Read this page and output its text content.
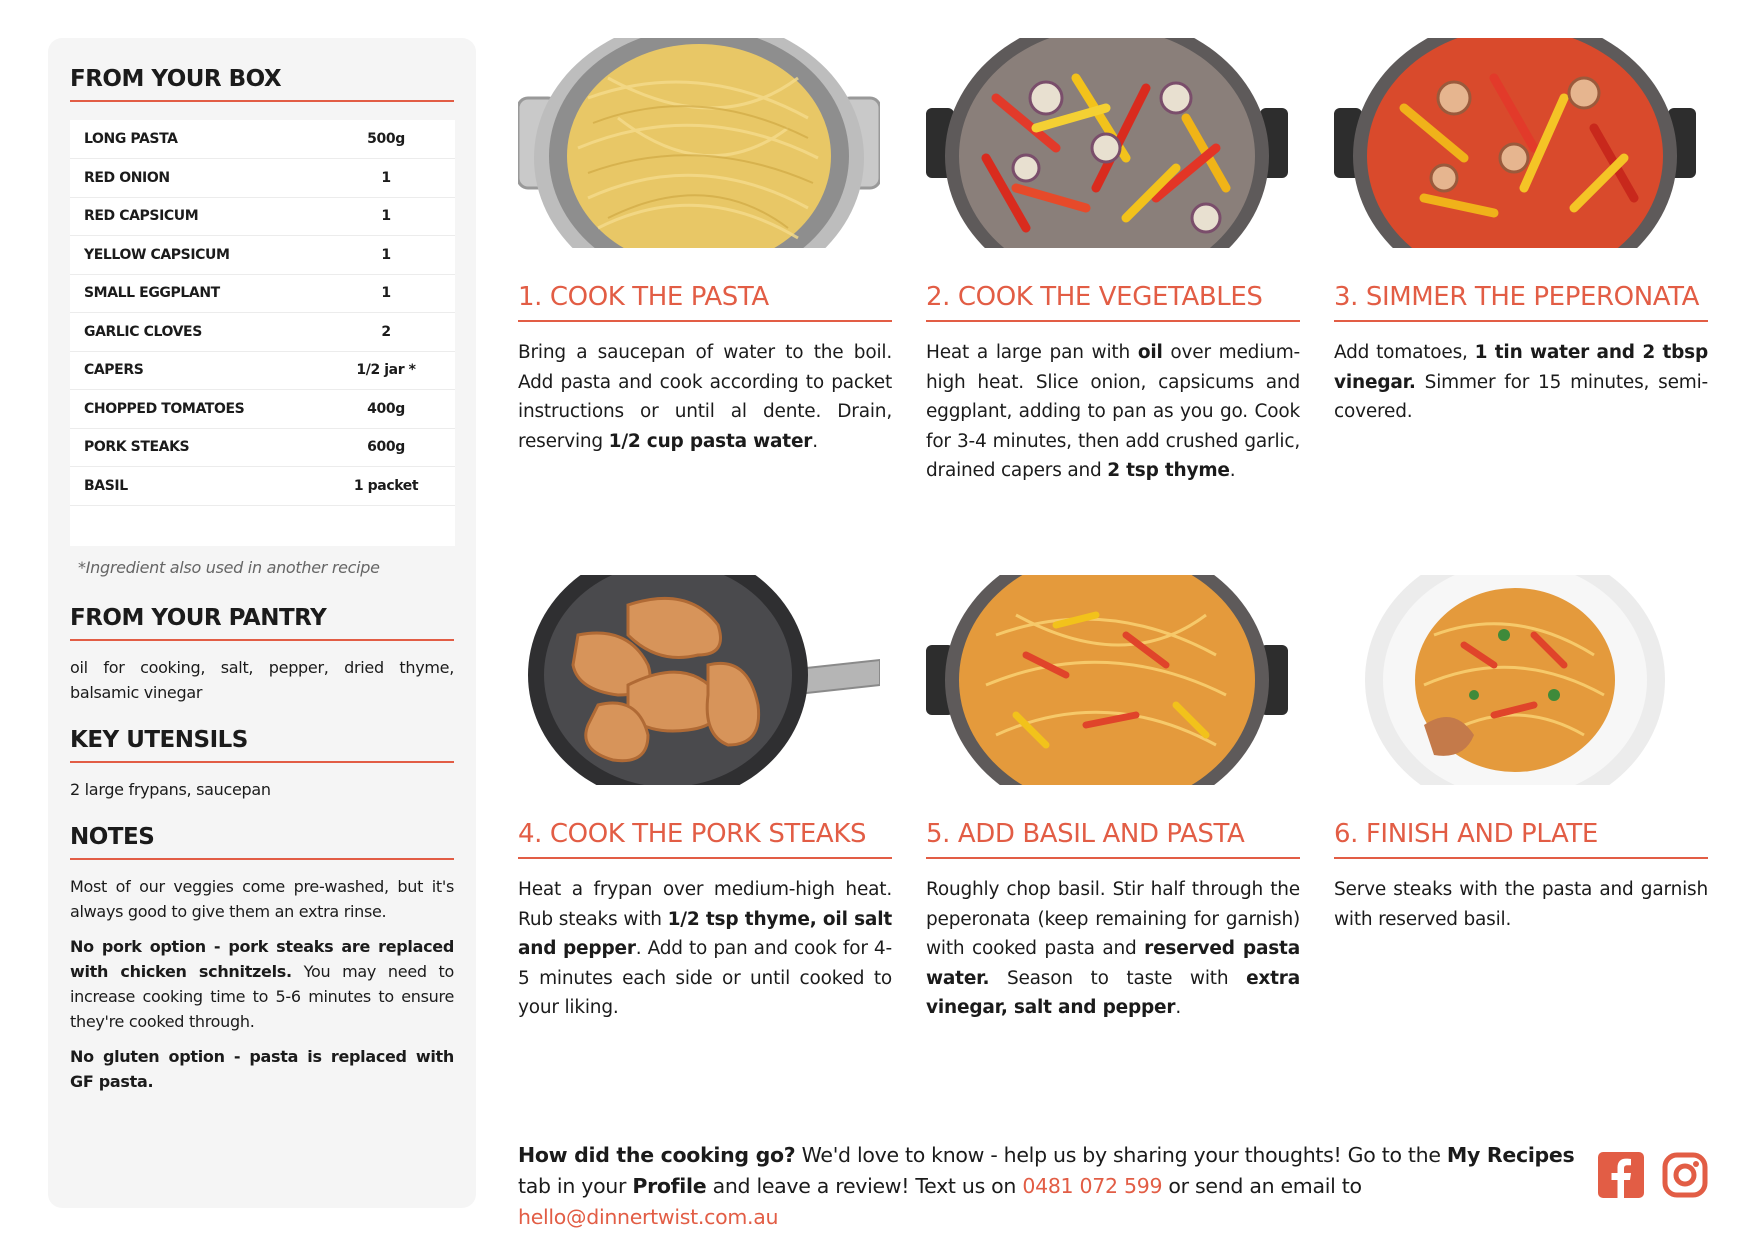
FROM YOUR BOX
LONG PASTA	500g
RED ONION	1
RED CAPSICUM	1
YELLOW CAPSICUM	1
SMALL EGGPLANT	1
GARLIC CLOVES	2
CAPERS	1/2 jar *
CHOPPED TOMATOES	400g
PORK STEAKS	600g
BASIL	1 packet
*Ingredient also used in another recipe
FROM YOUR PANTRY

oil for cooking, salt, pepper, dried thyme, balsamic vinegar

KEY UTENSILS

2 large frypans, saucepan

NOTES

Most of our veggies come pre-washed, but it's always good to give them an extra rinse.

No pork option - pork steaks are replaced with chicken schnitzels. You may need to increase cooking time to 5-6 minutes to ensure they're cooked through.

No gluten option - pasta is replaced with GF pasta.

1. COOK THE PASTA

Bring a saucepan of water to the boil. Add pasta and cook according to packet instructions or until al dente. Drain, reserving 1/2 cup pasta water.

2. COOK THE VEGETABLES

Heat a large pan with oil over medium-high heat. Slice onion, capsicums and eggplant, adding to pan as you go. Cook for 3-4 minutes, then add crushed garlic, drained capers and 2 tsp thyme.

3. SIMMER THE PEPERONATA

Add tomatoes, 1 tin water and 2 tbsp vinegar. Simmer for 15 minutes, semi-covered.

4. COOK THE PORK STEAKS

Heat a frypan over medium-high heat. Rub steaks with 1/2 tsp thyme, oil salt and pepper. Add to pan and cook for 4-5 minutes each side or until cooked to your liking.

5. ADD BASIL AND PASTA

Roughly chop basil. Stir half through the peperonata (keep remaining for garnish) with cooked pasta and reserved pasta water. Season to taste with extra vinegar, salt and pepper.

6. FINISH AND PLATE

Serve steaks with the pasta and garnish with reserved basil.

How did the cooking go? We'd love to know - help us by sharing your thoughts! Go to the My Recipes tab in your Profile and leave a review! Text us on 0481 072 599 or send an email to hello@dinnertwist.com.au
